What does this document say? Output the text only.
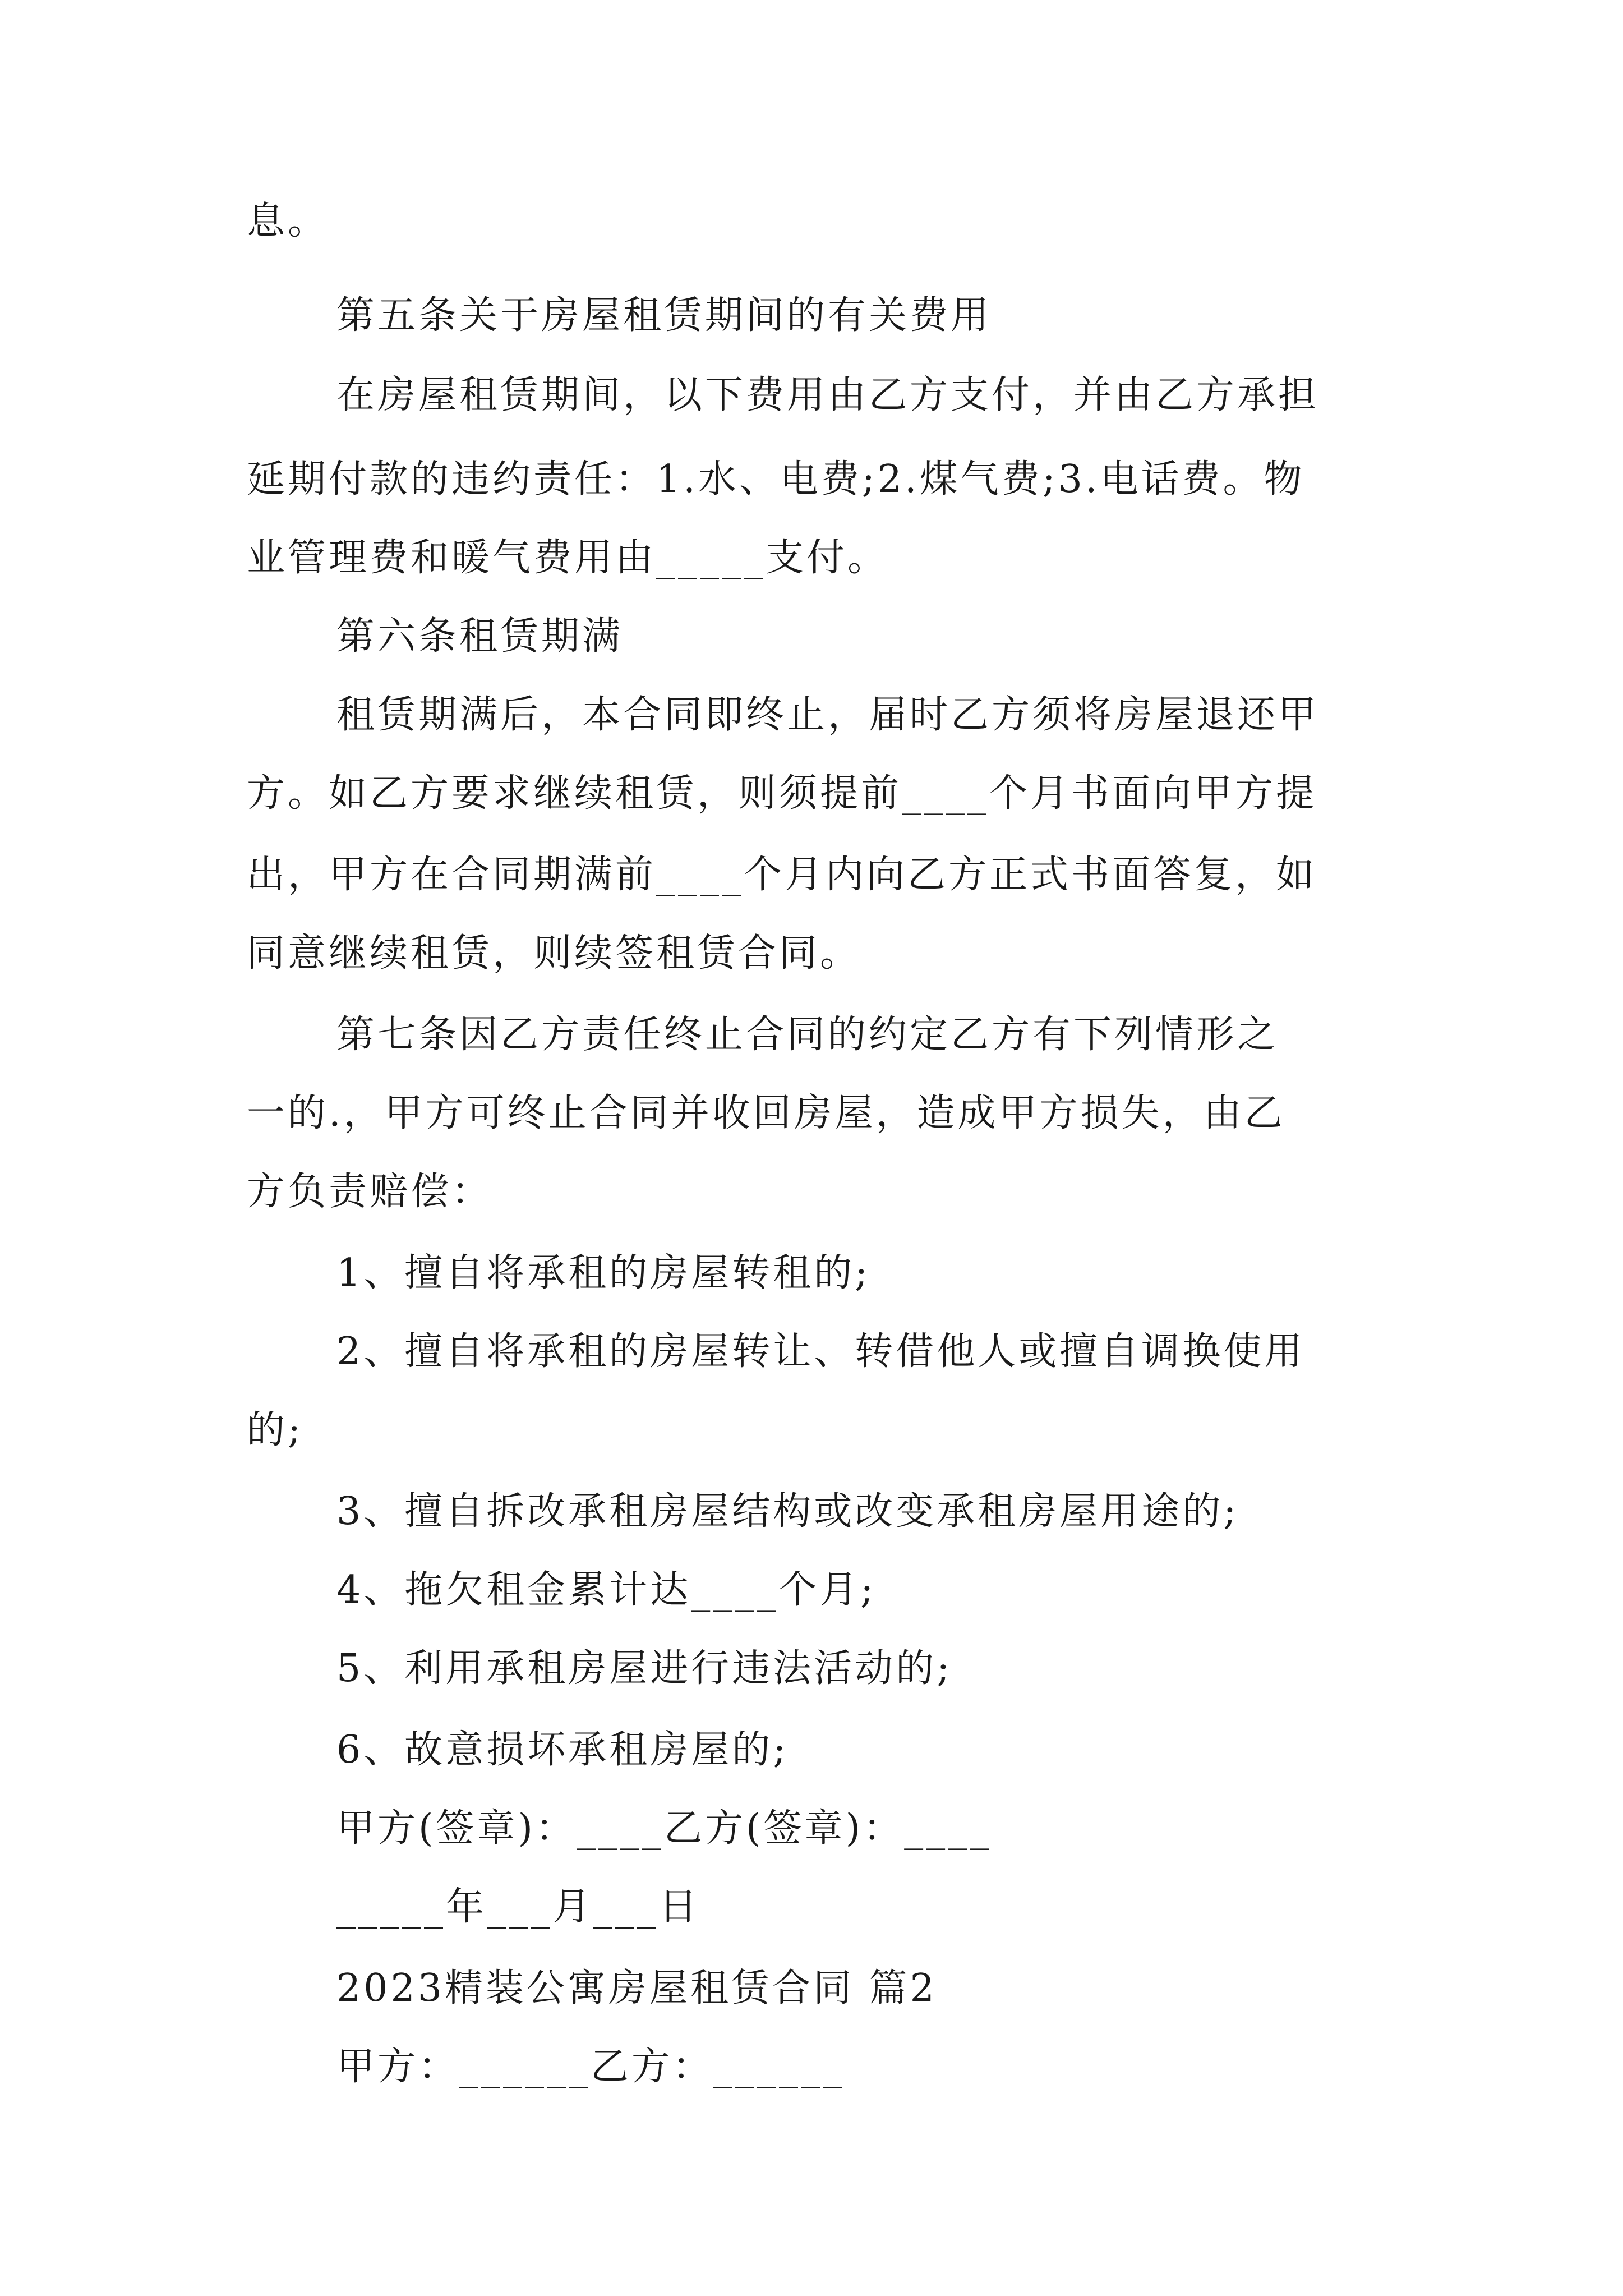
息。
第五条关于房屋租赁期间的有关费用
在房屋租赁期间，以下费用由乙方支付，并由乙方承担
延期付款的违约责任：1.水、电费;2.煤气费;3.电话费。物
业管理费和暖气费用由_____支付。
第六条租赁期满
租赁期满后，本合同即终止，届时乙方须将房屋退还甲
方。如乙方要求继续租赁，则须提前____个月书面向甲方提
出，甲方在合同期满前____个月内向乙方正式书面答复，如
同意继续租赁，则续签租赁合同。
第七条因乙方责任终止合同的约定乙方有下列情形之
一的.，甲方可终止合同并收回房屋，造成甲方损失，由乙
方负责赔偿：
1、擅自将承租的房屋转租的;
2、擅自将承租的房屋转让、转借他人或擅自调换使用
的;
3、擅自拆改承租房屋结构或改变承租房屋用途的;
4、拖欠租金累计达____个月;
5、利用承租房屋进行违法活动的;
6、故意损坏承租房屋的;
甲方(签章)：____乙方(签章)：____
_____年___月___日
2023精装公寓房屋租赁合同 篇2
甲方：______乙方：______
